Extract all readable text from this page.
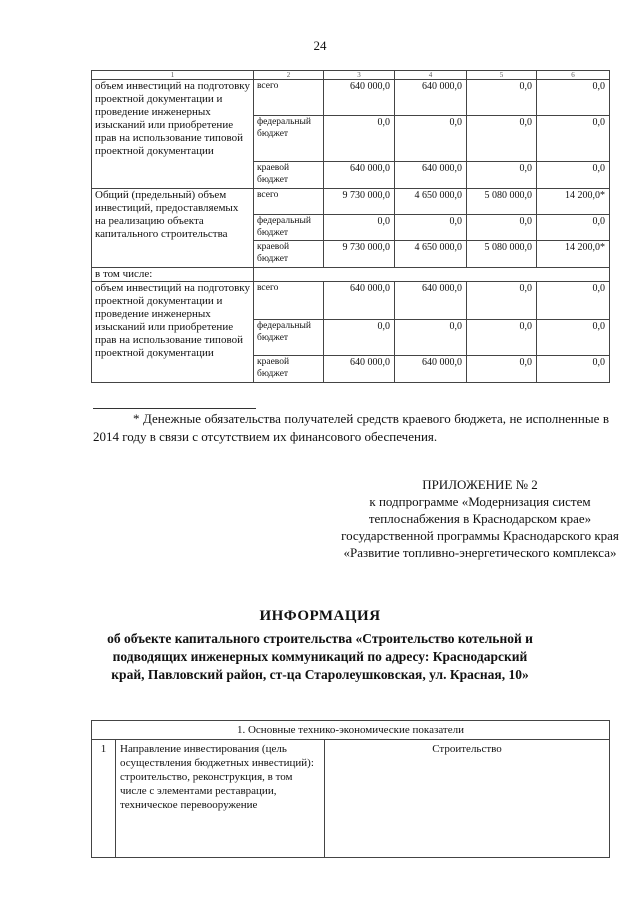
24
1	2	3	4	5	6
объем инвестиций на подготовку проектной документации и проведение инженерных изысканий или приобретение прав на использование типовой проектной документации	всего	640 000,0	640 000,0	0,0	0,0
	федеральный бюджет	0,0	0,0	0,0	0,0
	краевой бюджет	640 000,0	640 000,0	0,0	0,0
Общий (предельный) объем инвестиций, предоставляемых на реализацию объекта капитального строительства	всего	9 730 000,0	4 650 000,0	5 080 000,0	14 200,0*
	федеральный бюджет	0,0	0,0	0,0	0,0
	краевой бюджет	9 730 000,0	4 650 000,0	5 080 000,0	14 200,0*
в том числе:					
объем инвестиций на подготовку проектной документации и проведение инженерных изысканий или приобретение прав на использование типовой проектной документации	всего	640 000,0	640 000,0	0,0	0,0
	федеральный бюджет	0,0	0,0	0,0	0,0
	краевой бюджет	640 000,0	640 000,0	0,0	0,0
* Денежные обязательства получателей средств краевого бюджета, не исполненные в 2014 году в связи с отсутствием их финансового обеспечения.
ПРИЛОЖЕНИЕ № 2
к подпрограмме «Модернизация систем теплоснабжения в Краснодарском крае» государственной программы Краснодарского края «Развитие топливно-энергетического комплекса»
ИНФОРМАЦИЯ
об объекте капитального строительства «Строительство котельной и подводящих инженерных коммуникаций по адресу: Краснодарский край, Павловский район, ст-ца Старолеушковская, ул. Красная, 10»
1. Основные технико-экономические показатели
1	Направление инвестирования (цель осуществления бюджетных инвестиций): строительство, реконструкция, в том числе с элементами реставрации, техническое перевооружение	Строительство
